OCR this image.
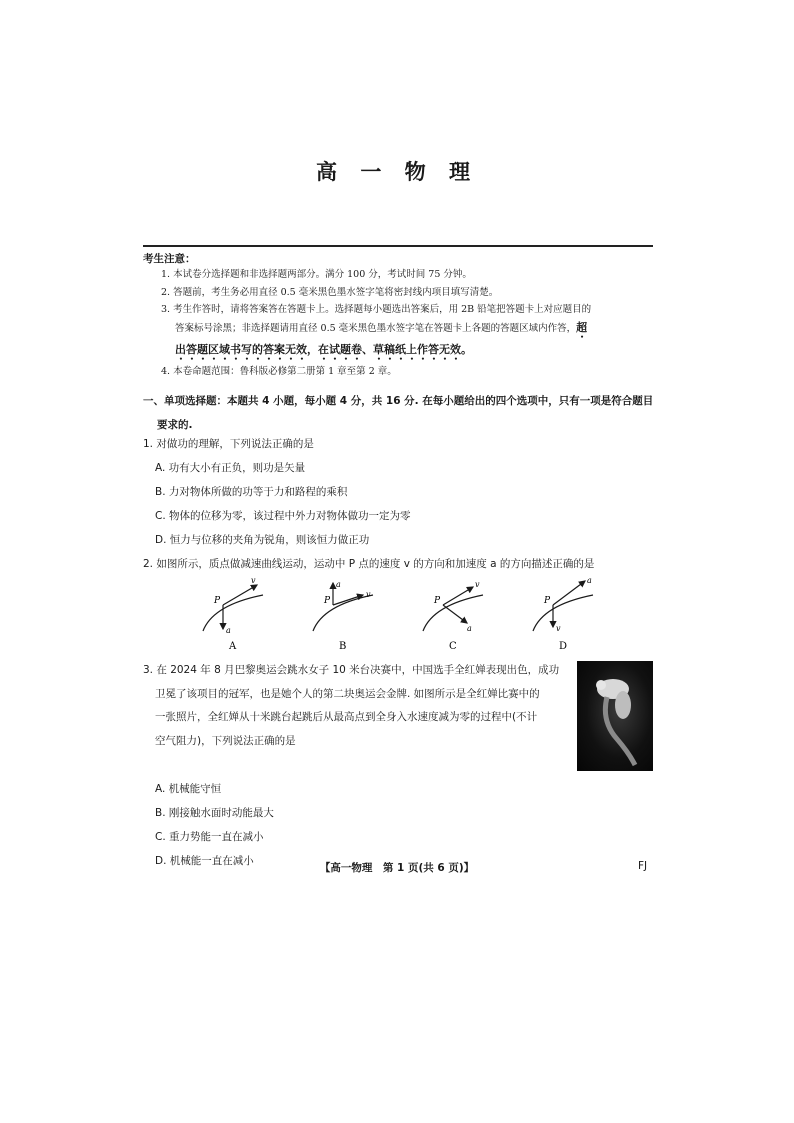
高 一 物 理
考生注意：
1. 本试卷分选择题和非选择题两部分。满分 100 分，考试时间 75 分钟。
2. 答题前，考生务必用直径 0.5 毫米黑色墨水签字笔将密封线内项目填写清楚。
3. 考生作答时，请将答案答在答题卡上。选择题每小题选出答案后，用 2B 铅笔把答题卡上对应题目的
答案标号涂黑；非选择题请用直径 0.5 毫米黑色墨水签字笔在答题卡上各题的答题区域内作答，超
出答题区域书写的答案无效，在试题卷、草稿纸上作答无效。
4. 本卷命题范围：鲁科版必修第二册第 1 章至第 2 章。
一、单项选择题：本题共 4 小题，每小题 4 分，共 16 分. 在每小题给出的四个选项中，只有一项是符合题目
要求的.
1. 对做功的理解，下列说法正确的是
A. 功有大小有正负，则功是矢量
B. 力对物体所做的功等于力和路程的乘积
C. 物体的位移为零，该过程中外力对物体做功一定为零
D. 恒力与位移的夹角为锐角，则该恒力做正功
2. 如图所示，质点做减速曲线运动，运动中 P 点的速度 v 的方向和加速度 a 的方向描述正确的是
P
v
a
A
P
v
a
B
P
v
a
C
P
a
v
D
3. 在 2024 年 8 月巴黎奥运会跳水女子 10 米台决赛中，中国选手全红婵表现出色，成功
卫冕了该项目的冠军，也是她个人的第二块奥运会金牌. 如图所示是全红婵比赛中的
一张照片，全红婵从十米跳台起跳后从最高点到全身入水速度减为零的过程中(不计
空气阻力)，下列说法正确的是
A. 机械能守恒
B. 刚接触水面时动能最大
C. 重力势能一直在减小
D. 机械能一直在减小
【高一物理　第 1 页(共 6 页)】	FJ
